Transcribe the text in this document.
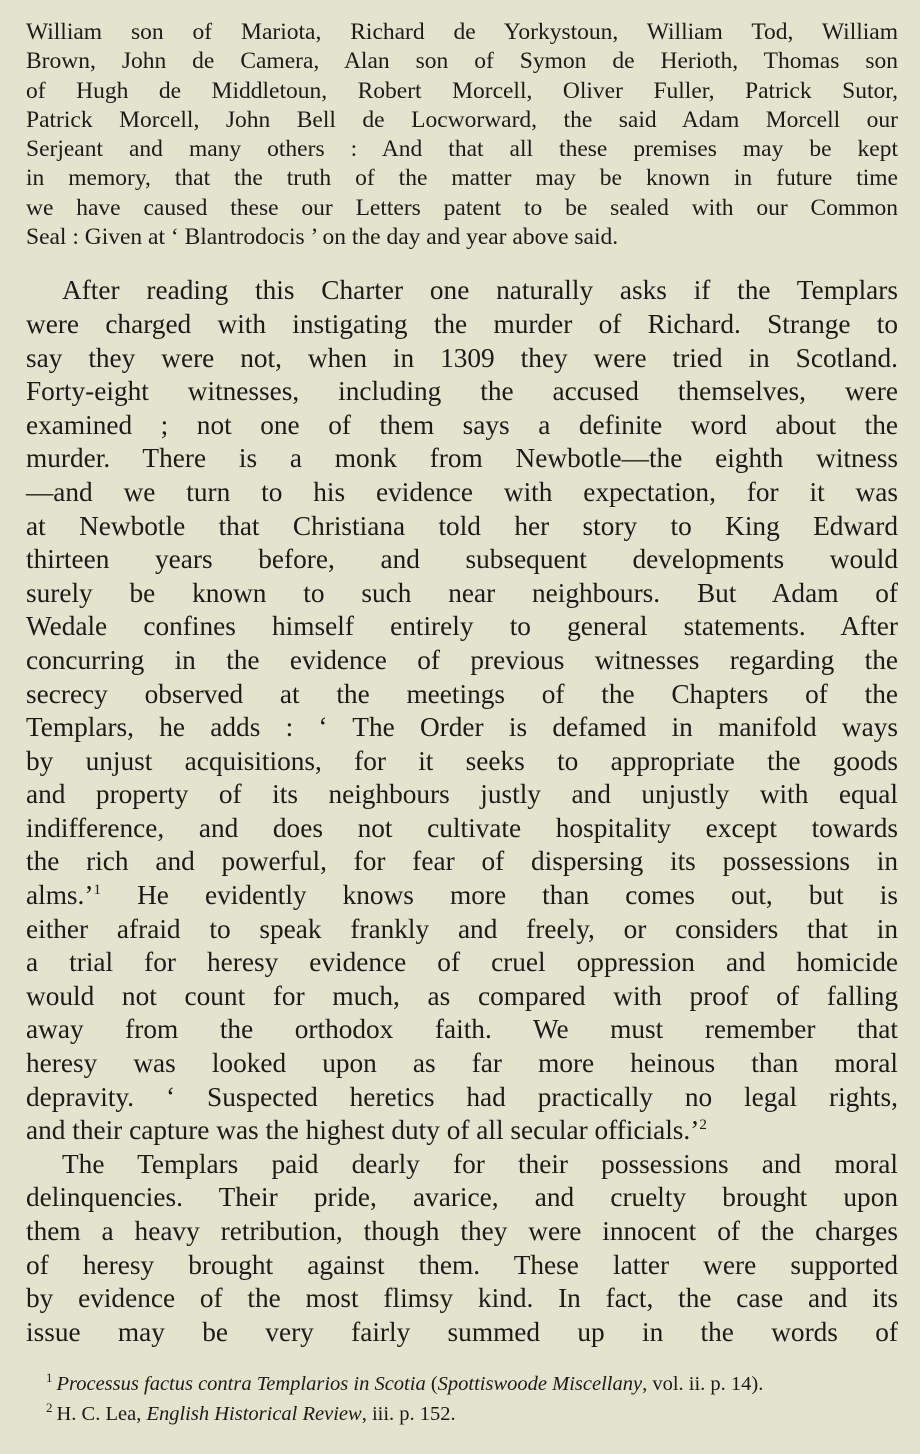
William son of Mariota, Richard de Yorkystoun, William Tod, William
Brown, John de Camera, Alan son of Symon de Herioth, Thomas son
of Hugh de Middletoun, Robert Morcell, Oliver Fuller, Patrick Sutor,
Patrick Morcell, John Bell de Locworward, the said Adam Morcell our
Serjeant and many others : And that all these premises may be kept
in memory, that the truth of the matter may be known in future time
we have caused these our Letters patent to be sealed with our Common
Seal : Given at ‘ Blantrodocis ’ on the day and year above said.
After reading this Charter one naturally asks if the Templars
were charged with instigating the murder of Richard. Strange to
say they were not, when in 1309 they were tried in Scotland.
Forty-eight witnesses, including the accused themselves, were
examined ; not one of them says a definite word about the
murder. There is a monk from Newbotle—the eighth witness
—and we turn to his evidence with expectation, for it was
at Newbotle that Christiana told her story to King Edward
thirteen years before, and subsequent developments would
surely be known to such near neighbours. But Adam of
Wedale confines himself entirely to general statements. After
concurring in the evidence of previous witnesses regarding the
secrecy observed at the meetings of the Chapters of the
Templars, he adds : ‘ The Order is defamed in manifold ways
by unjust acquisitions, for it seeks to appropriate the goods
and property of its neighbours justly and unjustly with equal
indifference, and does not cultivate hospitality except towards
the rich and powerful, for fear of dispersing its possessions in
alms.’$^1$ He evidently knows more than comes out, but is
either afraid to speak frankly and freely, or considers that in
a trial for heresy evidence of cruel oppression and homicide
would not count for much, as compared with proof of falling
away from the orthodox faith. We must remember that
heresy was looked upon as far more heinous than moral
depravity. ‘ Suspected heretics had practically no legal rights,
and their capture was the highest duty of all secular officials.’$^2$
The Templars paid dearly for their possessions and moral
delinquencies. Their pride, avarice, and cruelty brought upon
them a heavy retribution, though they were innocent of the charges
of heresy brought against them. These latter were supported
by evidence of the most flimsy kind. In fact, the case and its
issue may be very fairly summed up in the words of
$^1$ Processus factus contra Templarios in Scotia (Spottiswoode Miscellany, vol. ii. p. 14).
$^2$ H. C. Lea, English Historical Review, iii. p. 152.
